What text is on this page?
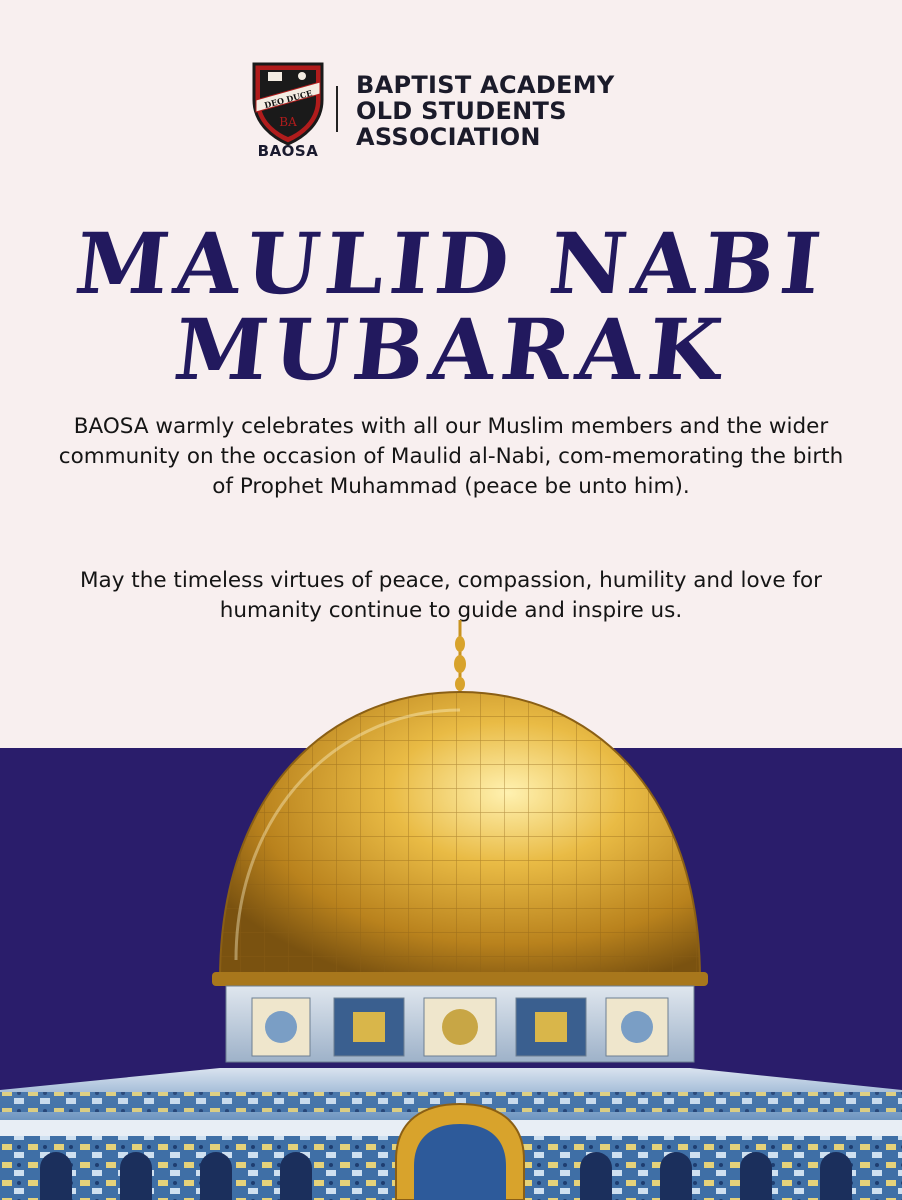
DEO DUCE
BA
BAOSA
BAPTIST ACADEMY
OLD STUDENTS
ASSOCIATION
MAULID NABI
MUBARAK
BAOSA warmly celebrates with all our Muslim members and the wider community on the occasion of Maulid al-Nabi, com-memorating the birth of Prophet Muhammad (peace be unto him).
May the timeless virtues of peace, compassion, humility and love for humanity continue to guide and inspire us.
